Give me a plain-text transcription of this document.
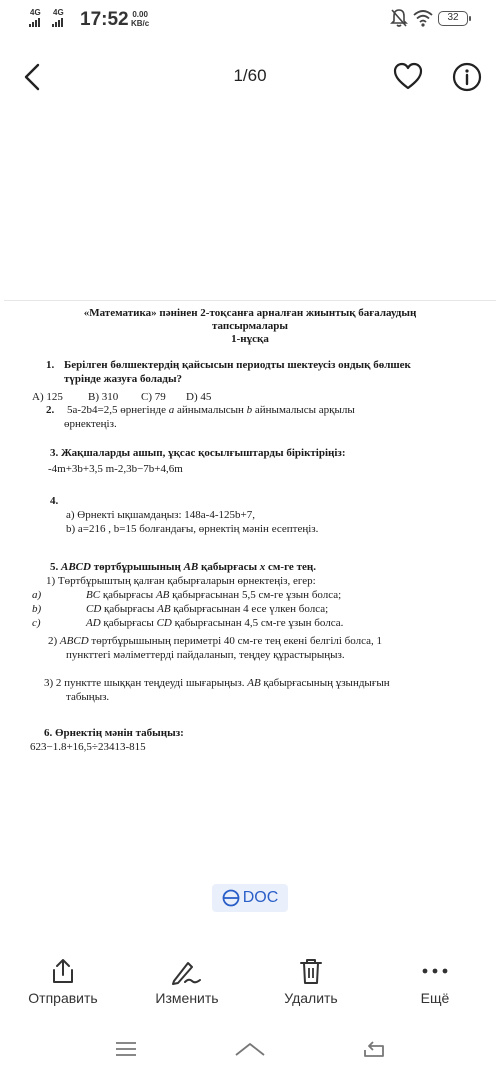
4G 4G 17:52 0.00
KB/c
32
1/60
«Математика» пәнінен 2-тоқсанға арналған жиынтық бағалаудың
тапсырмалары
1-нұсқа
1. Берілген бөлшектердің қайсысын периодты шектеусіз ондық бөлшек
түрінде жазуға болады?
A) 125 B) 310 C) 79 D) 45
2. 5a-2b4=2,5 өрнегінде a айнымалысын b айнымалысы арқылы
өрнектеңіз.
3. Жақшаларды ашып, ұқсас қосылғыштарды біріктіріңіз:
-4m+3b+3,5 m-2,3b−7b+4,6m
4.
a) Өрнекті ықшамдаңыз: 148a-4-125b+7,
b) a=216 , b=15 болғандағы, өрнектің мәнін есептеңіз.
5. ABCD төртбұрышының AB қабырғасы x см-ге тең.
1) Төртбұрыштың қалған қабырғаларын өрнектеңіз, егер:
a)	BC қабырғасы AB қабырғасынан 5,5 см-ге ұзын болса;
b)	CD қабырғасы AB қабырғасынан 4 есе үлкен болса;
c)	AD қабырғасы CD қабырғасынан 4,5 см-ге ұзын болса.
2) ABCD төртбұрышының периметрі 40 см-ге тең екені белгілі болса, 1
пункттегі мәліметтерді пайдаланып, теңдеу құрастырыңыз.
3) 2 пунктте шыққан теңдеуді шығарыңыз. AB қабырғасының ұзындығын
табыңыз.
6. Өрнектің мәнін табыңыз:
623−1.8+16,5÷23413-815
DOC
Отправить	Изменить	Удалить	Ещё
